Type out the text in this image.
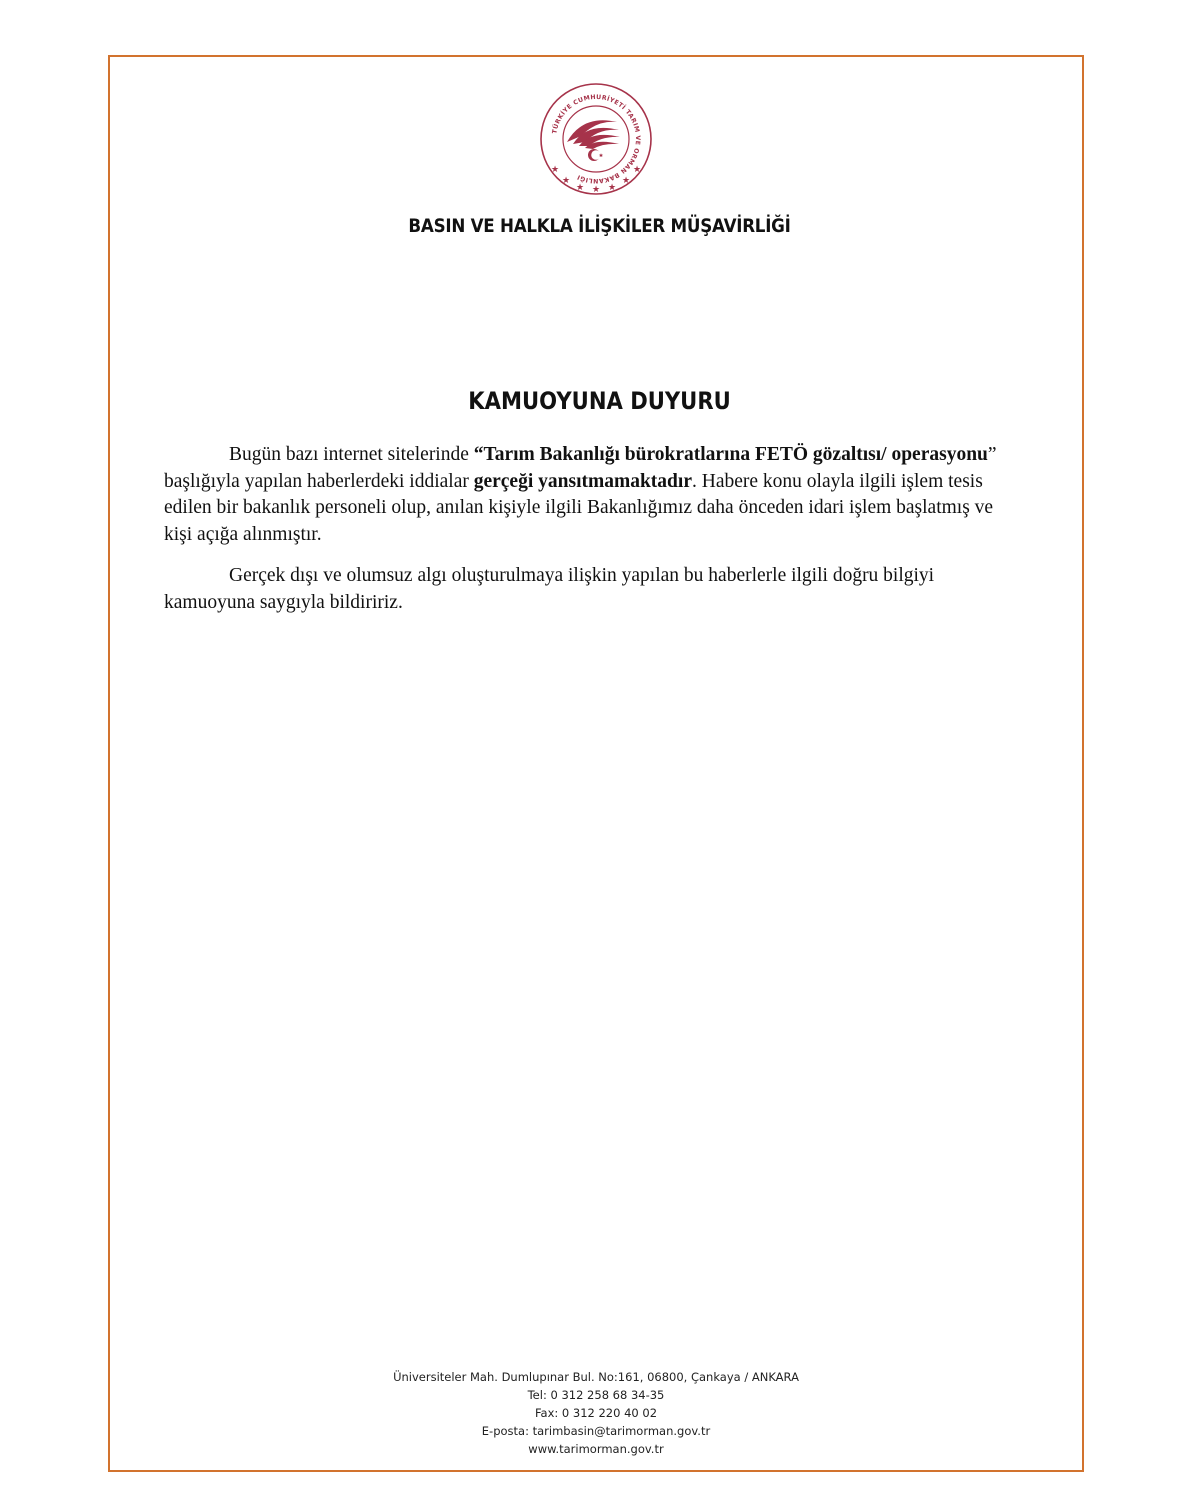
TÜRKİYE CUMHURİYETİ TARIM VE ORMAN BAKANLIĞI
★
★	★
★	★
★	★
BASIN VE HALKLA İLİŞKİLER MÜŞAVİRLİĞİ
KAMUOYUNA DUYURU

Bugün bazı internet sitelerinde “Tarım Bakanlığı bürokratlarına FETÖ gözaltısı/ operasyonu” başlığıyla yapılan haberlerdeki iddialar gerçeği yansıtmamaktadır. Habere konu olayla ilgili işlem tesis edilen bir bakanlık personeli olup, anılan kişiyle ilgili Bakanlığımız daha önceden idari işlem başlatmış ve kişi açığa alınmıştır.

Gerçek dışı ve olumsuz algı oluşturulmaya ilişkin yapılan bu haberlerle ilgili doğru bilgiyi kamuoyuna saygıyla bildiririz.

Üniversiteler Mah. Dumlupınar Bul. No:161, 06800, Çankaya / ANKARA
Tel: 0 312 258 68 34-35
Fax: 0 312 220 40 02
E-posta: tarimbasin@tarimorman.gov.tr
www.tarimorman.gov.tr
